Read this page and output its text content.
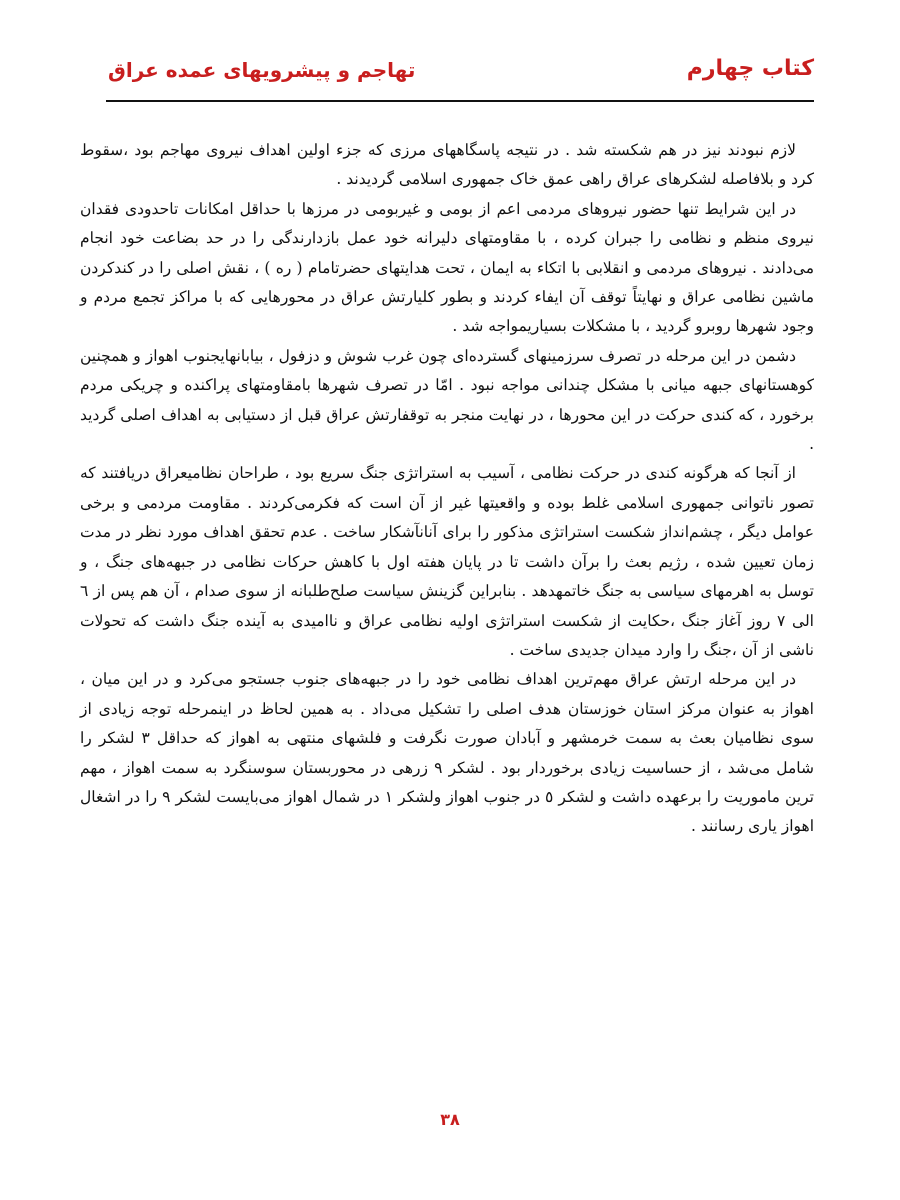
کتاب چهارم
تهاجم و پیشرویهای عمده عراق

لازم نبودند نیز در هم شکسته شد . در نتیجه پاسگاههای مرزی که جزء اولین اهداف نیروی مهاجم بود ،سقوط کرد و بلافاصله لشکرهای عراق راهی عمق خاک جمهوری اسلامی گردیدند .

در این شرایط تنها حضور نیروهای مردمی اعم از بومی و غیربومی در مرزها با حداقل امکانات تاحدودی فقدان نیروی منظم و نظامی را جبران کرده ، با مقاومتهای دلیرانه خود عمل بازدارندگی را در حد بضاعت خود انجام می‌دادند . نیروهای مردمی و انقلابی با اتکاء به ایمان ، تحت هدایتهای حضرتامام ( ره ) ، نقش اصلی را در کندکردن ماشین نظامی عراق و نهایتاً توقف آن ایفاء کردند و بطور کلیارتش عراق در محورهایی که با مراکز تجمع مردم و وجود شهرها روبرو گردید ، با مشکلات بسیاریمواجه شد .

دشمن در این مرحله در تصرف سرزمینهای گسترده‌ای چون غرب شوش و دزفول ، بیابانهایجنوب اهواز و همچنین کوهستانهای جبهه میانی با مشکل چندانی مواجه نبود . امّا در تصرف شهرها بامقاومتهای پراکنده و چریکی مردم برخورد ، که کندی حرکت در این محورها ، در نهایت منجر به توقفارتش عراق قبل از دستیابی به اهداف اصلی گردید .

از آنجا که هرگونه کندی در حرکت نظامی ، آسیب به استراتژی جنگ سریع بود ، طراحان نظامیعراق دریافتند که تصور ناتوانی جمهوری اسلامی غلط بوده و واقعیتها غیر از آن است که فکرمی‌کردند . مقاومت مردمی و برخی عوامل دیگر ، چشم‌انداز شکست استراتژی مذکور را برای آنانآشکار ساخت . عدم تحقق اهداف مورد نظر در مدت زمان تعیین شده ، رژیم بعث را برآن داشت تا در پایان هفته اول با کاهش حرکات نظامی در جبهه‌های جنگ ، و توسل به اهرمهای سیاسی به جنگ خاتمهدهد . بنابراین گزینش سیاست صلح‌طلبانه از سوی صدام ، آن هم پس از ٦ الی ٧ روز آغاز جنگ ،حکایت از شکست استراتژی اولیه نظامی عراق و ناامیدی به آینده جنگ داشت که تحولات ناشی از آن ،جنگ را وارد میدان جدیدی ساخت .

در این مرحله ارتش عراق مهم‌ترین اهداف نظامی خود را در جبهه‌های جنوب جستجو می‌کرد و در این میان ، اهواز به عنوان مرکز استان خوزستان هدف اصلی را تشکیل می‌داد . به همین لحاظ در اینمرحله توجه زیادی از سوی نظامیان بعث به سمت خرمشهر و آبادان صورت نگرفت و فلشهای منتهی به اهواز که حداقل ٣ لشکر را شامل می‌شد ، از حساسیت زیادی برخوردار بود . لشکر ٩ زرهی در محوربستان سوسنگرد به سمت اهواز ، مهم ترین ماموریت را برعهده داشت و لشکر ٥ در جنوب اهواز ولشکر ١ در شمال اهواز می‌بایست لشکر ٩ را در اشغال اهواز یاری رسانند .

٣٨
